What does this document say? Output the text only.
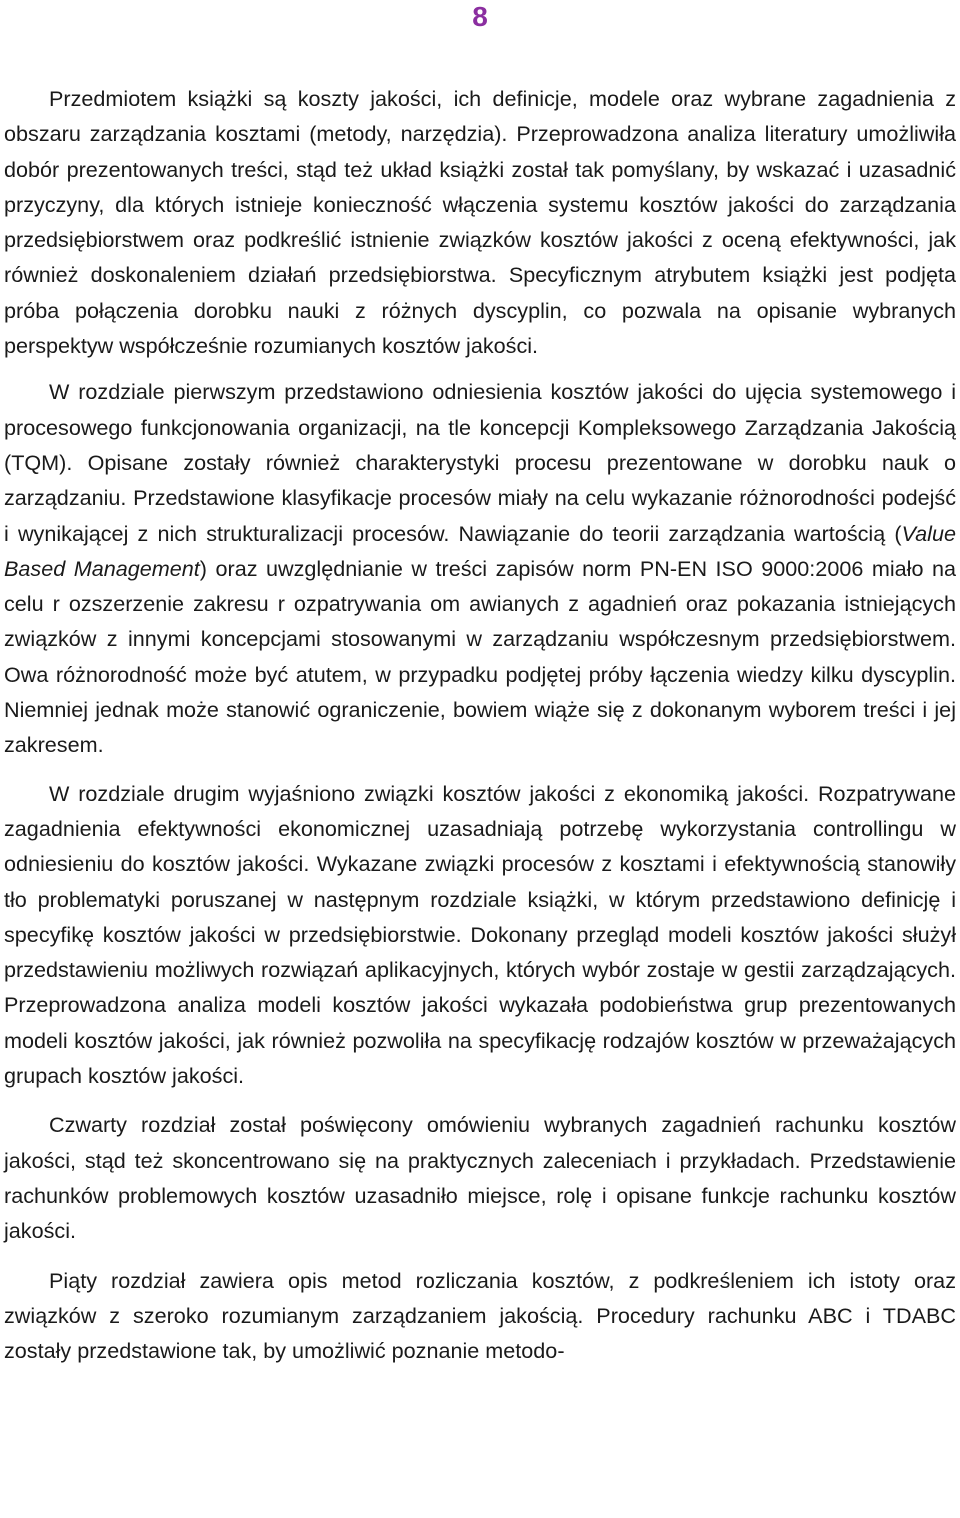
8

Przedmiotem książki są koszty jakości, ich definicje, modele oraz wybrane zagadnienia z obszaru zarządzania kosztami (metody, narzędzia). Przeprowadzona analiza literatury umożliwiła dobór prezentowanych treści, stąd też układ książki został tak pomyślany, by wskazać i uzasadnić przyczyny, dla których istnieje konieczność włączenia systemu kosztów jakości do zarządzania przedsiębiorstwem oraz podkreślić istnienie związków kosztów jakości z oceną efektywności, jak również doskonaleniem działań przedsiębiorstwa. Specyficznym atrybutem książki jest podjęta próba połączenia dorobku nauki z różnych dyscyplin, co pozwala na opisanie wybranych perspektyw współcześnie rozumianych kosztów jakości.

W rozdziale pierwszym przedstawiono odniesienia kosztów jakości do ujęcia systemowego i procesowego funkcjonowania organizacji, na tle koncepcji Kompleksowego Zarządzania Jakością (TQM). Opisane zostały również charakterystyki procesu prezentowane w dorobku nauk o zarządzaniu. Przedstawione klasyfikacje procesów miały na celu wykazanie różnorodności podejść i wynikającej z nich strukturalizacji procesów. Nawiązanie do teorii zarządzania wartością (Value Based Management) oraz uwzględnianie w treści zapisów norm PN-EN ISO 9000:2006 miało na celu r ozszerzenie zakresu r ozpatrywania om awianych z agadnień oraz pokazania istniejących związków z innymi koncepcjami stosowanymi w zarządzaniu współczesnym przedsiębiorstwem. Owa różnorodność może być atutem, w przypadku podjętej próby łączenia wiedzy kilku dyscyplin. Niemniej jednak może stanowić ograniczenie, bowiem wiąże się z dokonanym wyborem treści i jej zakresem.

W rozdziale drugim wyjaśniono związki kosztów jakości z ekonomiką jakości. Rozpatrywane zagadnienia efektywności ekonomicznej uzasadniają potrzebę wykorzystania controllingu w odniesieniu do kosztów jakości. Wykazane związki procesów z kosztami i efektywnością stanowiły tło problematyki poruszanej w następnym rozdziale książki, w którym przedstawiono definicję i specyfikę kosztów jakości w przedsiębiorstwie. Dokonany przegląd modeli kosztów jakości służył przedstawieniu możliwych rozwiązań aplikacyjnych, których wybór zostaje w gestii zarządzających. Przeprowadzona analiza modeli kosztów jakości wykazała podobieństwa grup prezentowanych modeli kosztów jakości, jak również pozwoliła na specyfikację rodzajów kosztów w przeważających grupach kosztów jakości.

Czwarty rozdział został poświęcony omówieniu wybranych zagadnień rachunku kosztów jakości, stąd też skoncentrowano się na praktycznych zaleceniach i przykładach. Przedstawienie rachunków problemowych kosztów uzasadniło miejsce, rolę i opisane funkcje rachunku kosztów jakości.

Piąty rozdział zawiera opis metod rozliczania kosztów, z podkreśleniem ich istoty oraz związków z szeroko rozumianym zarządzaniem jakością. Procedury rachunku ABC i TDABC zostały przedstawione tak, by umożliwić poznanie metodo-
